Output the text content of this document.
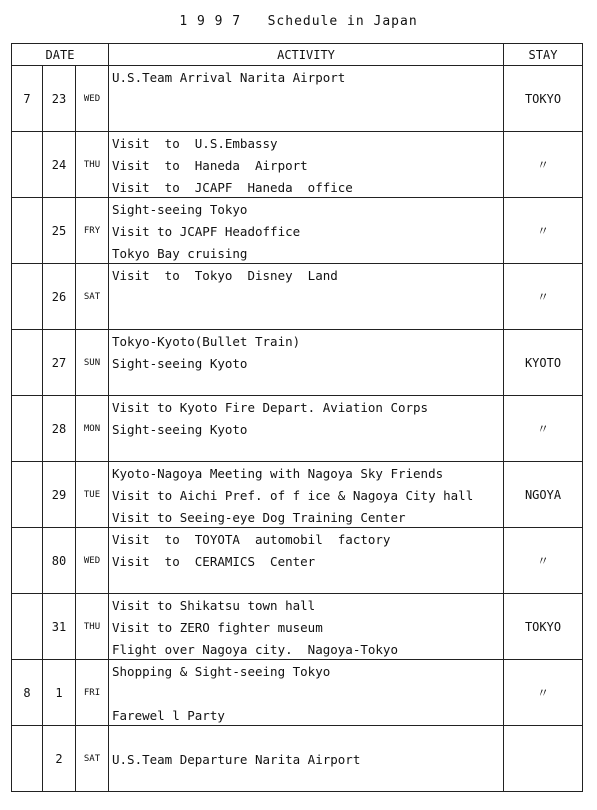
1 9 9 7   Schedule in Japan
DATE			ACTIVITY	STAY
7	23	WED	U.S.Team Arrival Narita Airport	TOKYO
	24	THU	Visit  to  U.S.Embassy
Visit  to  Haneda  Airport
Visit  to  JCAPF  Haneda  office	〃
	25	FRY	Sight-seeing Tokyo
Visit to JCAPF Headoffice
Tokyo Bay cruising	〃
	26	SAT	Visit  to  Tokyo  Disney  Land	〃
	27	SUN	Tokyo-Kyoto(Bullet Train)
Sight-seeing Kyoto	KYOTO
	28	MON	Visit to Kyoto Fire Depart. Aviation Corps
Sight-seeing Kyoto	〃
	29	TUE	Kyoto-Nagoya Meeting with Nagoya Sky Friends
Visit to Aichi Pref. of f ice & Nagoya City hall
Visit to Seeing-eye Dog Training Center	NGOYA
	80	WED	Visit  to  TOYOTA  automobil  factory
Visit  to  CERAMICS  Center	〃
	31	THU	Visit to Shikatsu town hall
Visit to ZERO fighter museum
Flight over Nagoya city.  Nagoya-Tokyo	TOKYO
8	1	FRI	Shopping & Sight-seeing Tokyo
Farewel l Party	〃
	2	SAT	U.S.Team Departure Narita Airport	
